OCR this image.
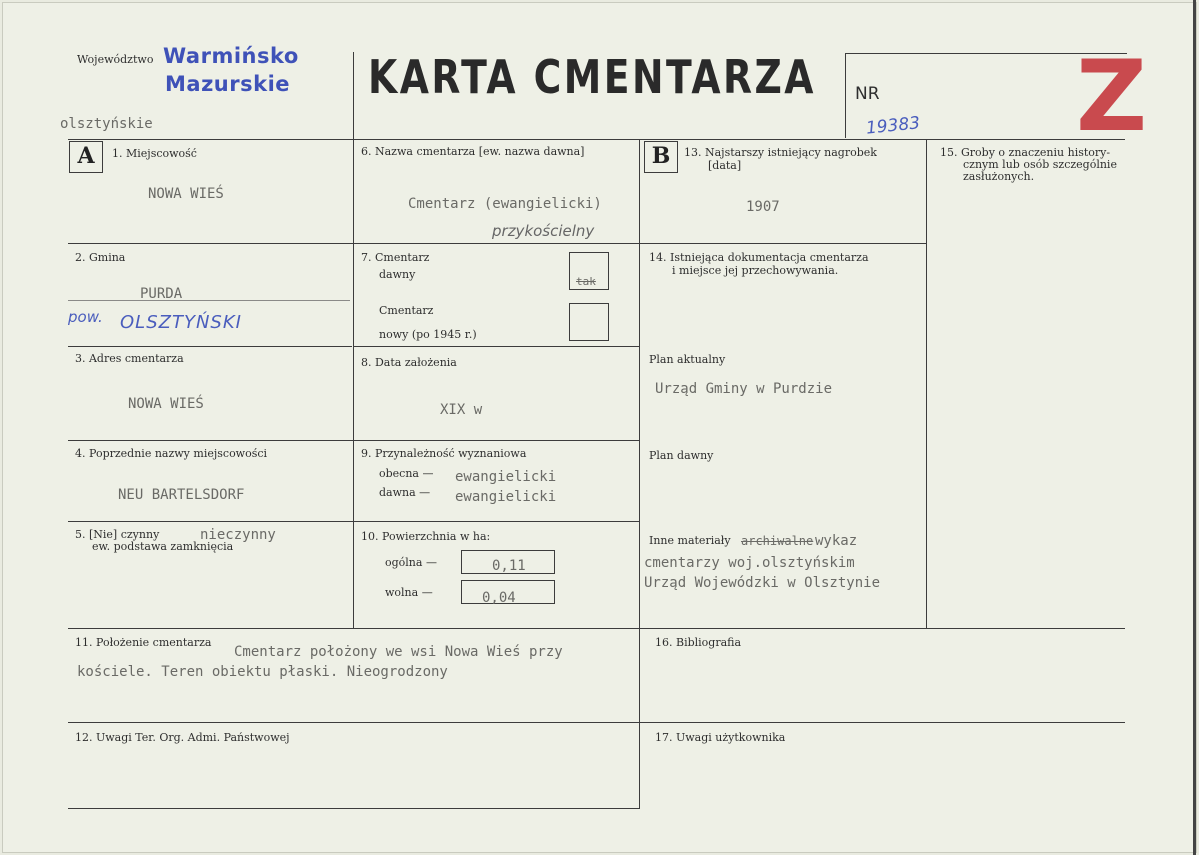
Województwo Warmińsko
Mazurskie
olsztyńskie
KARTA CMENTARZA NR
19383 Z
A	1. Miejscowość
NOWA WIEŚ
2. Gmina
PURDA
pow. OLSZTYŃSKI
3. Adres cmentarza
NOWA WIEŚ
4. Poprzednie nazwy miejscowości
NEU BARTELSDORF
5. [Nie] czynny
ew. podstawa zamknięcia
nieczynny
6. Nazwa cmentarza [ew. nazwa dawna]
Cmentarz (ewangielicki)
przykościelny
7. Cmentarz
dawny
tak
Cmentarz
nowy (po 1945 r.)
8. Data założenia
XIX w
9. Przynależność wyznaniowa
obecna — ewangielicki
dawna — ewangielicki
10. Powierzchnia w ha:
ogólna —	0,11
wolna —	0,04
B	13. Najstarszy istniejący nagrobek
[data]
1907
14. Istniejąca dokumentacja cmentarza
i miejsce jej przechowywania.
Plan aktualny
Urząd Gminy w Purdzie
Plan dawny
Inne materiały archiwalne wykaz
cmentarzy woj.olsztyńskim
Urząd Wojewódzki w Olsztynie
15. Groby o znaczeniu history-
cznym lub osób szczególnie
zasłużonych.
11. Położenie cmentarza
Cmentarz położony we wsi Nowa Wieś przy
kościele. Teren obiektu płaski. Nieogrodzony
16. Bibliografia
12. Uwagi Ter. Org. Admi. Państwowej	17. Uwagi użytkownika
